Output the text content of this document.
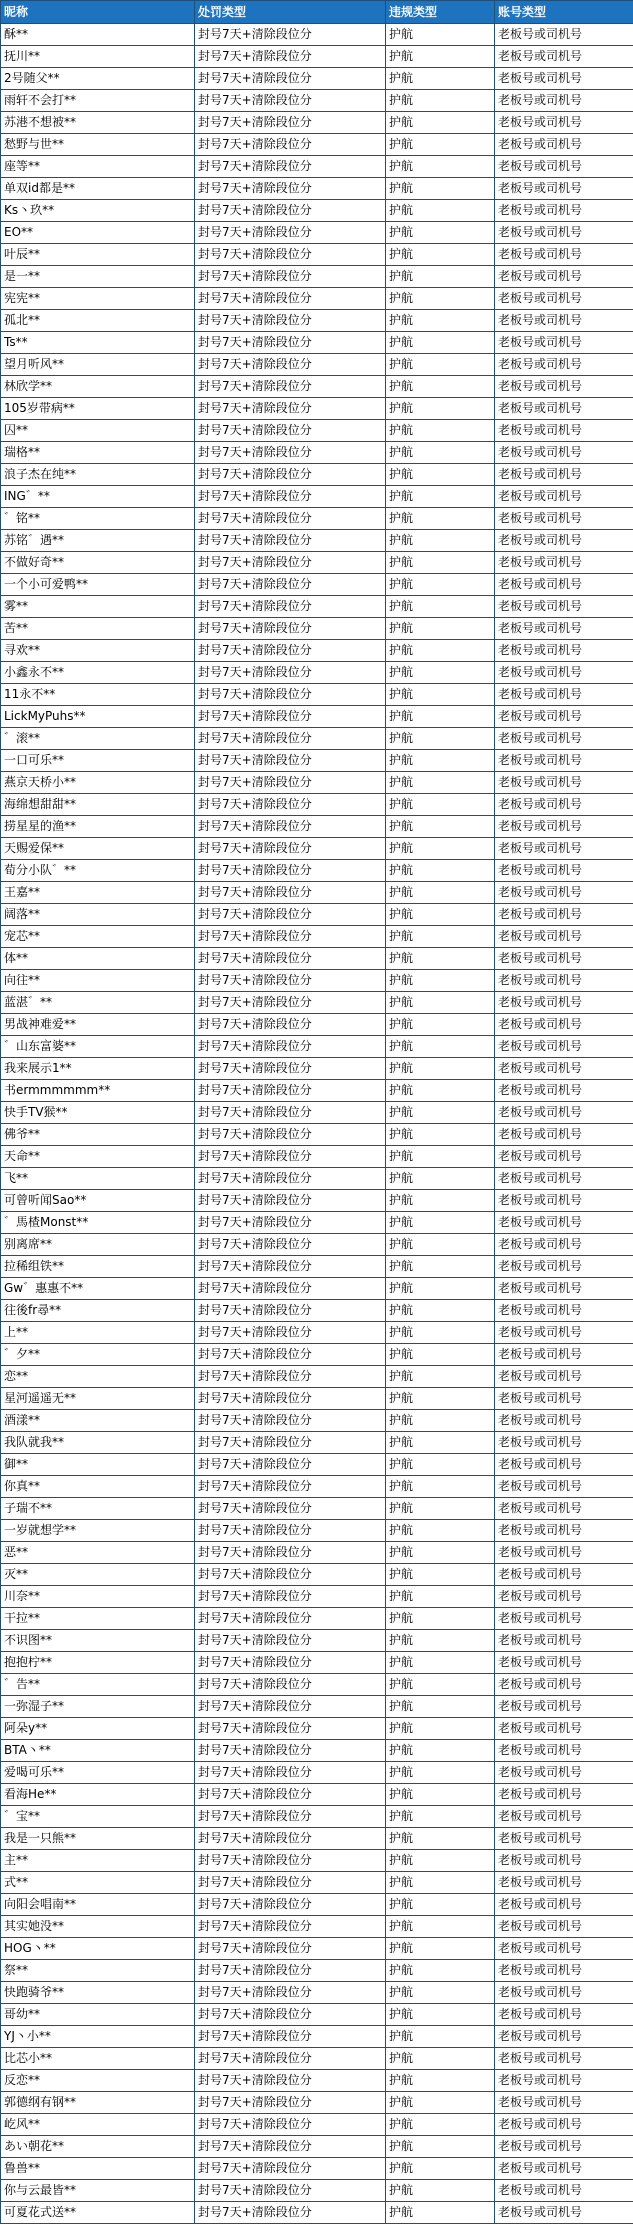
昵称	处罚类型	违规类型	账号类型
酥**	封号7天+清除段位分	护航	老板号或司机号
抚川**	封号7天+清除段位分	护航	老板号或司机号
2号随父**	封号7天+清除段位分	护航	老板号或司机号
雨轩不会打**	封号7天+清除段位分	护航	老板号或司机号
苏港不想被**	封号7天+清除段位分	护航	老板号或司机号
愁野与世**	封号7天+清除段位分	护航	老板号或司机号
座等**	封号7天+清除段位分	护航	老板号或司机号
单双id都是**	封号7天+清除段位分	护航	老板号或司机号
Ks丶玖**	封号7天+清除段位分	护航	老板号或司机号
EO**	封号7天+清除段位分	护航	老板号或司机号
叶辰**	封号7天+清除段位分	护航	老板号或司机号
是一**	封号7天+清除段位分	护航	老板号或司机号
宪宪**	封号7天+清除段位分	护航	老板号或司机号
孤北**	封号7天+清除段位分	护航	老板号或司机号
Ts**	封号7天+清除段位分	护航	老板号或司机号
望月听风**	封号7天+清除段位分	护航	老板号或司机号
林欣学**	封号7天+清除段位分	护航	老板号或司机号
105岁带病**	封号7天+清除段位分	护航	老板号或司机号
囚**	封号7天+清除段位分	护航	老板号或司机号
瑞格**	封号7天+清除段位分	护航	老板号或司机号
浪子杰在纯**	封号7天+清除段位分	护航	老板号或司机号
ING゛**	封号7天+清除段位分	护航	老板号或司机号
゛铭**	封号7天+清除段位分	护航	老板号或司机号
苏铭゛遇**	封号7天+清除段位分	护航	老板号或司机号
不做好奇**	封号7天+清除段位分	护航	老板号或司机号
一个小可爱鸭**	封号7天+清除段位分	护航	老板号或司机号
雾**	封号7天+清除段位分	护航	老板号或司机号
苦**	封号7天+清除段位分	护航	老板号或司机号
寻欢**	封号7天+清除段位分	护航	老板号或司机号
小鑫永不**	封号7天+清除段位分	护航	老板号或司机号
11永不**	封号7天+清除段位分	护航	老板号或司机号
LickMyPuhs**	封号7天+清除段位分	护航	老板号或司机号
゛滚**	封号7天+清除段位分	护航	老板号或司机号
一口可乐**	封号7天+清除段位分	护航	老板号或司机号
燕京天桥小**	封号7天+清除段位分	护航	老板号或司机号
海绵想甜甜**	封号7天+清除段位分	护航	老板号或司机号
捞星星的渔**	封号7天+清除段位分	护航	老板号或司机号
天赐爱保**	封号7天+清除段位分	护航	老板号或司机号
荀分小队゛**	封号7天+清除段位分	护航	老板号或司机号
王嘉**	封号7天+清除段位分	护航	老板号或司机号
阔落**	封号7天+清除段位分	护航	老板号或司机号
宠芯**	封号7天+清除段位分	护航	老板号或司机号
体**	封号7天+清除段位分	护航	老板号或司机号
向往**	封号7天+清除段位分	护航	老板号或司机号
蓝湛゛**	封号7天+清除段位分	护航	老板号或司机号
男战神难爱**	封号7天+清除段位分	护航	老板号或司机号
゛山东富婆**	封号7天+清除段位分	护航	老板号或司机号
我来展示1**	封号7天+清除段位分	护航	老板号或司机号
书ermmmmmm**	封号7天+清除段位分	护航	老板号或司机号
快手TV猴**	封号7天+清除段位分	护航	老板号或司机号
佛爷**	封号7天+清除段位分	护航	老板号或司机号
天命**	封号7天+清除段位分	护航	老板号或司机号
飞**	封号7天+清除段位分	护航	老板号或司机号
可曾听闻Sao**	封号7天+清除段位分	护航	老板号或司机号
゛馬楂Monst**	封号7天+清除段位分	护航	老板号或司机号
别离席**	封号7天+清除段位分	护航	老板号或司机号
拉稀组铁**	封号7天+清除段位分	护航	老板号或司机号
Gw゛惠惠不**	封号7天+清除段位分	护航	老板号或司机号
往後fr尋**	封号7天+清除段位分	护航	老板号或司机号
上**	封号7天+清除段位分	护航	老板号或司机号
゛夕**	封号7天+清除段位分	护航	老板号或司机号
恋**	封号7天+清除段位分	护航	老板号或司机号
星河遥遥无**	封号7天+清除段位分	护航	老板号或司机号
酒漾**	封号7天+清除段位分	护航	老板号或司机号
我队就我**	封号7天+清除段位分	护航	老板号或司机号
御**	封号7天+清除段位分	护航	老板号或司机号
你真**	封号7天+清除段位分	护航	老板号或司机号
子瑞不**	封号7天+清除段位分	护航	老板号或司机号
一岁就想学**	封号7天+清除段位分	护航	老板号或司机号
恶**	封号7天+清除段位分	护航	老板号或司机号
灭**	封号7天+清除段位分	护航	老板号或司机号
川奈**	封号7天+清除段位分	护航	老板号或司机号
干拉**	封号7天+清除段位分	护航	老板号或司机号
不识图**	封号7天+清除段位分	护航	老板号或司机号
抱抱柠**	封号7天+清除段位分	护航	老板号或司机号
゛告**	封号7天+清除段位分	护航	老板号或司机号
一弥湿子**	封号7天+清除段位分	护航	老板号或司机号
阿朵y**	封号7天+清除段位分	护航	老板号或司机号
BTA丶**	封号7天+清除段位分	护航	老板号或司机号
爱喝可乐**	封号7天+清除段位分	护航	老板号或司机号
看海He**	封号7天+清除段位分	护航	老板号或司机号
゛宝**	封号7天+清除段位分	护航	老板号或司机号
我是一只熊**	封号7天+清除段位分	护航	老板号或司机号
主**	封号7天+清除段位分	护航	老板号或司机号
式**	封号7天+清除段位分	护航	老板号或司机号
向阳会唱南**	封号7天+清除段位分	护航	老板号或司机号
其实她没**	封号7天+清除段位分	护航	老板号或司机号
HOG丶**	封号7天+清除段位分	护航	老板号或司机号
祭**	封号7天+清除段位分	护航	老板号或司机号
快跑骑爷**	封号7天+清除段位分	护航	老板号或司机号
哥幼**	封号7天+清除段位分	护航	老板号或司机号
YJ丶小**	封号7天+清除段位分	护航	老板号或司机号
比芯小**	封号7天+清除段位分	护航	老板号或司机号
反恋**	封号7天+清除段位分	护航	老板号或司机号
郭德纲有钢**	封号7天+清除段位分	护航	老板号或司机号
屹风**	封号7天+清除段位分	护航	老板号或司机号
あい朝花**	封号7天+清除段位分	护航	老板号或司机号
鲁兽**	封号7天+清除段位分	护航	老板号或司机号
你与云最皆**	封号7天+清除段位分	护航	老板号或司机号
可夏花式送**	封号7天+清除段位分	护航	老板号或司机号
